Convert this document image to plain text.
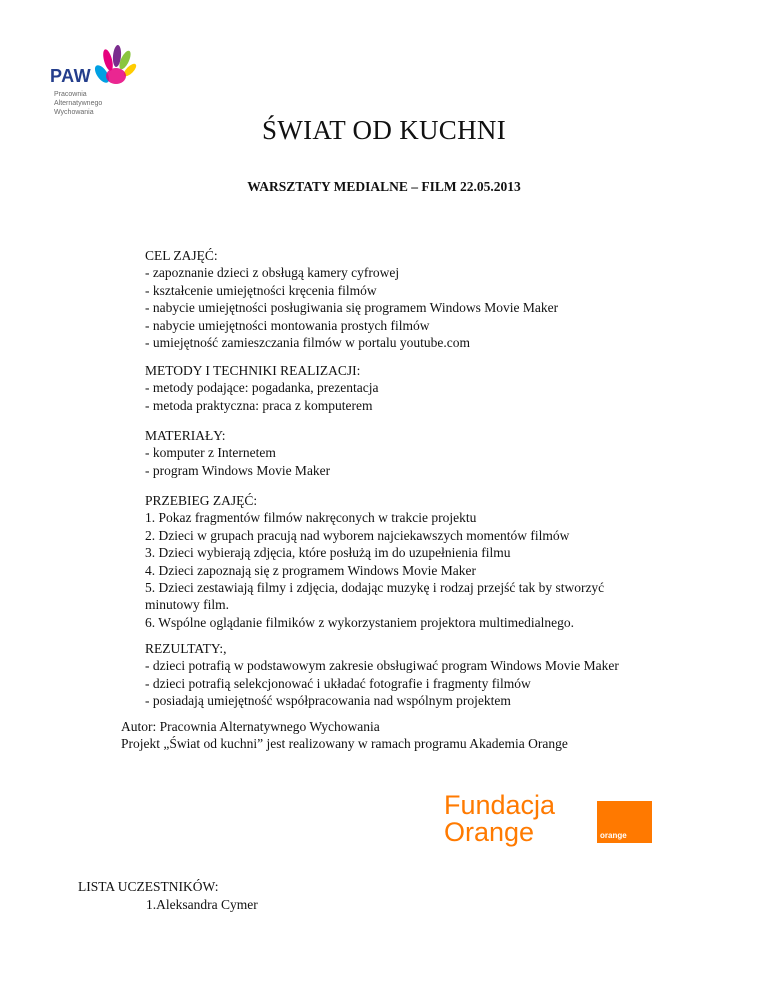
PAW
Pracownia
Alternatywnego
Wychowania
ŚWIAT OD KUCHNI
WARSZTATY MEDIALNE – FILM 22.05.2013
CEL ZAJĘĆ:
- zapoznanie dzieci z obsługą kamery cyfrowej
- kształcenie umiejętności kręcenia filmów
- nabycie umiejętności posługiwania się programem Windows Movie Maker
- nabycie umiejętności montowania prostych filmów
- umiejętność zamieszczania filmów w portalu youtube.com
METODY I TECHNIKI REALIZACJI:
- metody podające: pogadanka, prezentacja
- metoda praktyczna: praca z komputerem
MATERIAŁY:
- komputer z Internetem
- program Windows Movie Maker
PRZEBIEG ZAJĘĆ:
1. Pokaz fragmentów filmów nakręconych w trakcie projektu
2. Dzieci w grupach pracują nad wyborem najciekawszych momentów filmów
3. Dzieci wybierają zdjęcia, które posłużą im do uzupełnienia filmu
4. Dzieci zapoznają się z programem Windows Movie Maker
5. Dzieci zestawiają filmy i zdjęcia, dodając muzykę i rodzaj przejść tak by stworzyć minutowy film.
6. Wspólne oglądanie filmików z wykorzystaniem projektora multimedialnego.
REZULTATY:,
- dzieci potrafią w podstawowym zakresie obsługiwać program Windows Movie Maker
- dzieci potrafią selekcjonować i układać fotografie i fragmenty filmów
- posiadają umiejętność współpracowania nad wspólnym projektem
Autor: Pracownia Alternatywnego Wychowania
Projekt „Świat od kuchni” jest realizowany w ramach programu Akademia Orange
Fundacja
Orange	orange
LISTA UCZESTNIKÓW:
1.Aleksandra Cymer
